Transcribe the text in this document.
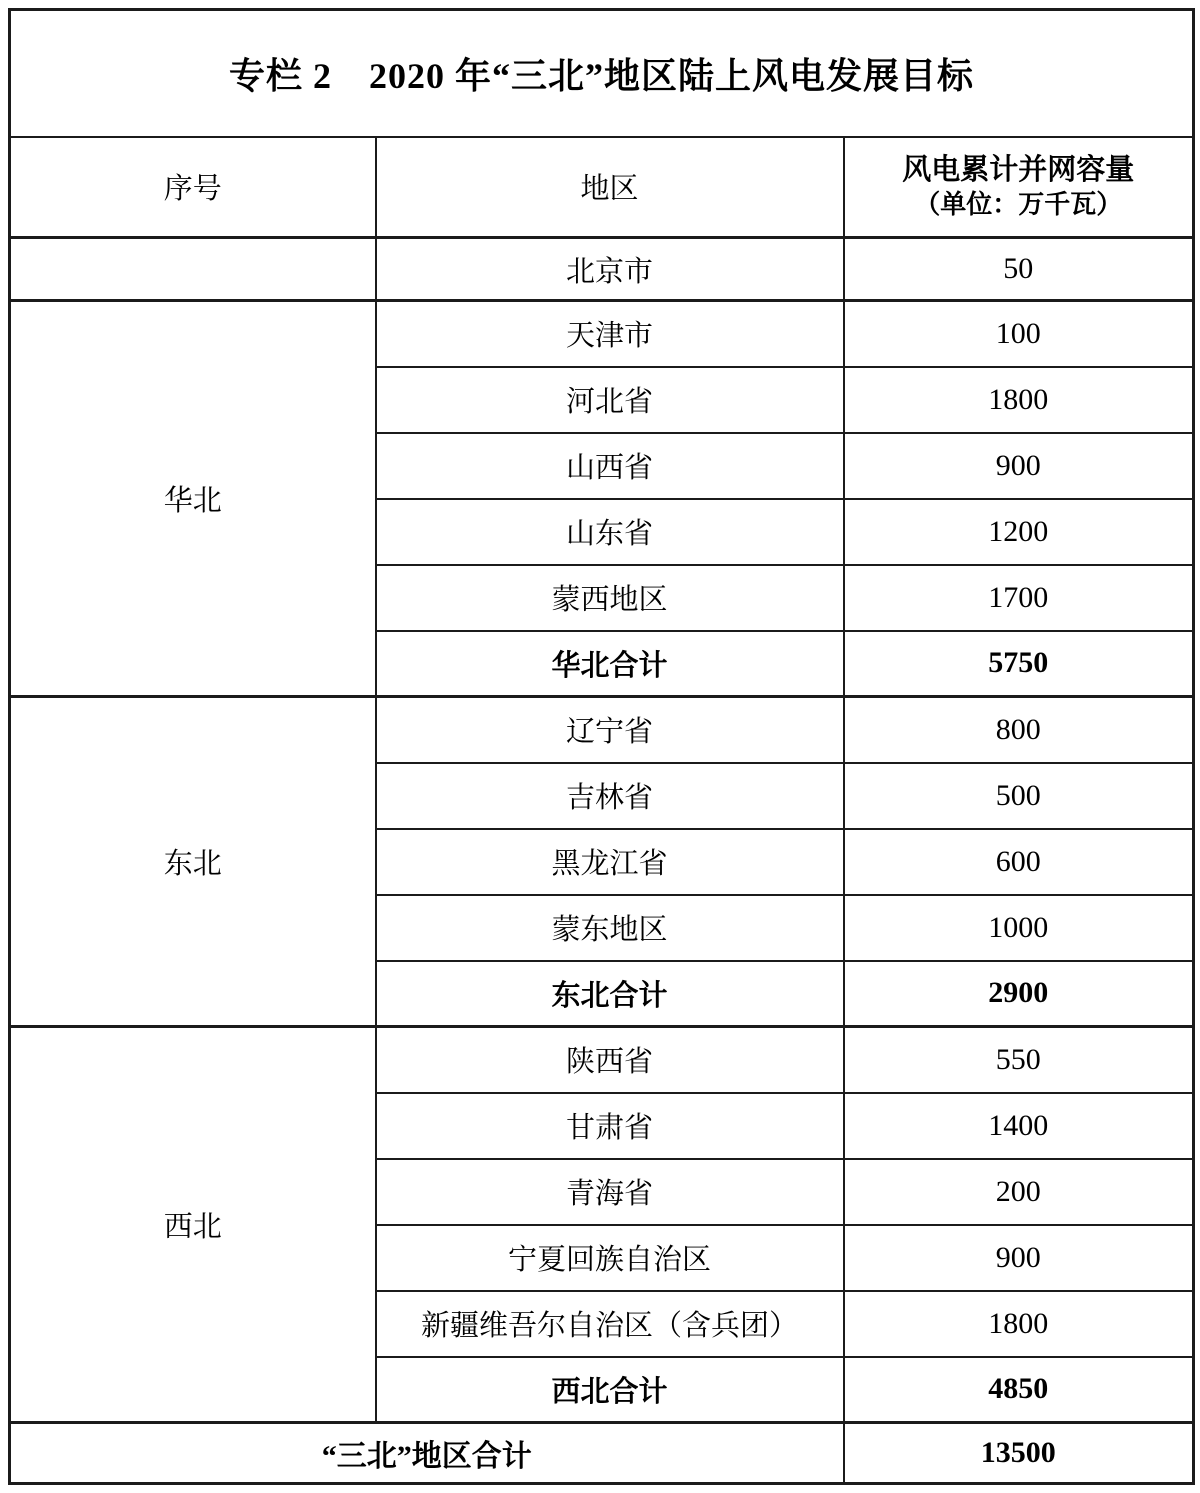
专栏 2　2020 年“三北”地区陆上风电发展目标		
序号	地区	风电累计并网容量
（单位：万千瓦）

	北京市	50
华北	天津市	100
	河北省	1800
	山西省	900
	山东省	1200
	蒙西地区	1700
	华北合计	5750
东北	辽宁省	800
	吉林省	500
	黑龙江省	600
	蒙东地区	1000
	东北合计	2900
西北	陕西省	550
	甘肃省	1400
	青海省	200
	宁夏回族自治区	900
	新疆维吾尔自治区（含兵团）	1800
	西北合计	4850
“三北”地区合计		13500
